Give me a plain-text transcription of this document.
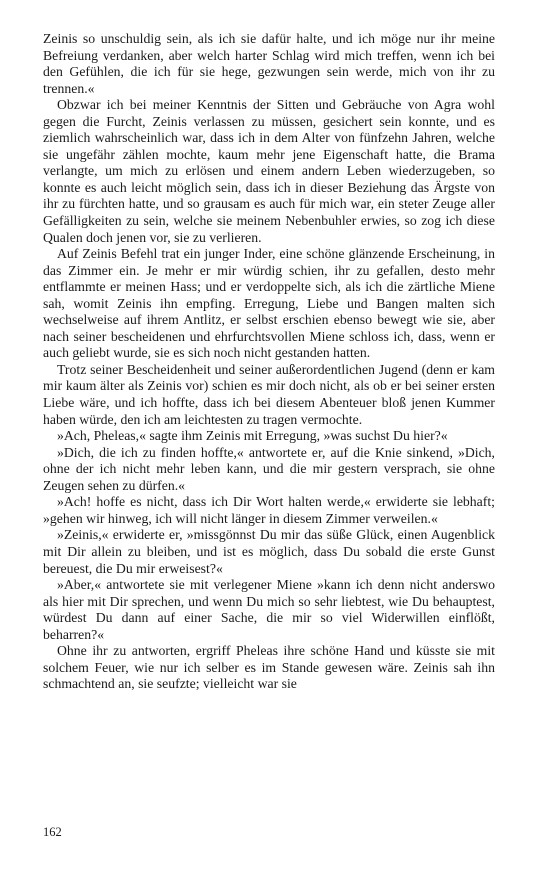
Zeinis so unschuldig sein, als ich sie dafür halte, und ich möge nur ihr meine Befreiung verdanken, aber welch harter Schlag wird mich treffen, wenn ich bei den Gefühlen, die ich für sie hege, gezwungen sein werde, mich von ihr zu trennen.«

Obzwar ich bei meiner Kenntnis der Sitten und Gebräuche von Agra wohl gegen die Furcht, Zeinis verlassen zu müssen, gesichert sein konnte, und es ziemlich wahrscheinlich war, dass ich in dem Alter von fünfzehn Jahren, welche sie ungefähr zählen mochte, kaum mehr jene Eigenschaft hatte, die Brama verlangte, um mich zu erlösen und einem andern Leben wiederzugeben, so konnte es auch leicht möglich sein, dass ich in dieser Beziehung das Ärgste von ihr zu fürchten hatte, und so grausam es auch für mich war, ein steter Zeuge aller Gefälligkeiten zu sein, welche sie meinem Nebenbuhler erwies, so zog ich diese Qualen doch jenen vor, sie zu verlieren.

Auf Zeinis Befehl trat ein junger Inder, eine schöne glänzende Erscheinung, in das Zimmer ein. Je mehr er mir würdig schien, ihr zu gefallen, desto mehr entflammte er meinen Hass; und er verdoppelte sich, als ich die zärtliche Miene sah, womit Zeinis ihn empfing. Erregung, Liebe und Bangen malten sich wechselweise auf ihrem Antlitz, er selbst erschien ebenso bewegt wie sie, aber nach seiner bescheidenen und ehrfurchtsvollen Miene schloss ich, dass, wenn er auch geliebt wurde, sie es sich noch nicht gestanden hatten.

Trotz seiner Bescheidenheit und seiner außerordentlichen Jugend (denn er kam mir kaum älter als Zeinis vor) schien es mir doch nicht, als ob er bei seiner ersten Liebe wäre, und ich hoffte, dass ich bei diesem Abenteuer bloß jenen Kummer haben würde, den ich am leichtesten zu tragen vermochte.

»Ach, Pheleas,« sagte ihm Zeinis mit Erregung, »was suchst Du hier?«

»Dich, die ich zu finden hoffte,« antwortete er, auf die Knie sinkend, »Dich, ohne der ich nicht mehr leben kann, und die mir gestern versprach, sie ohne Zeugen sehen zu dürfen.«

»Ach! hoffe es nicht, dass ich Dir Wort halten werde,« erwiderte sie lebhaft; »gehen wir hinweg, ich will nicht länger in diesem Zimmer verweilen.«

»Zeinis,« erwiderte er, »missgönnst Du mir das süße Glück, einen Augenblick mit Dir allein zu bleiben, und ist es möglich, dass Du sobald die erste Gunst bereuest, die Du mir erweisest?«

»Aber,« antwortete sie mit verlegener Miene »kann ich denn nicht anderswo als hier mit Dir sprechen, und wenn Du mich so sehr liebtest, wie Du behauptest, würdest Du dann auf einer Sache, die mir so viel Widerwillen einflößt, beharren?«

Ohne ihr zu antworten, ergriff Pheleas ihre schöne Hand und küsste sie mit solchem Feuer, wie nur ich selber es im Stande gewesen wäre. Zeinis sah ihn schmachtend an, sie seufzte; vielleicht war sie

162
